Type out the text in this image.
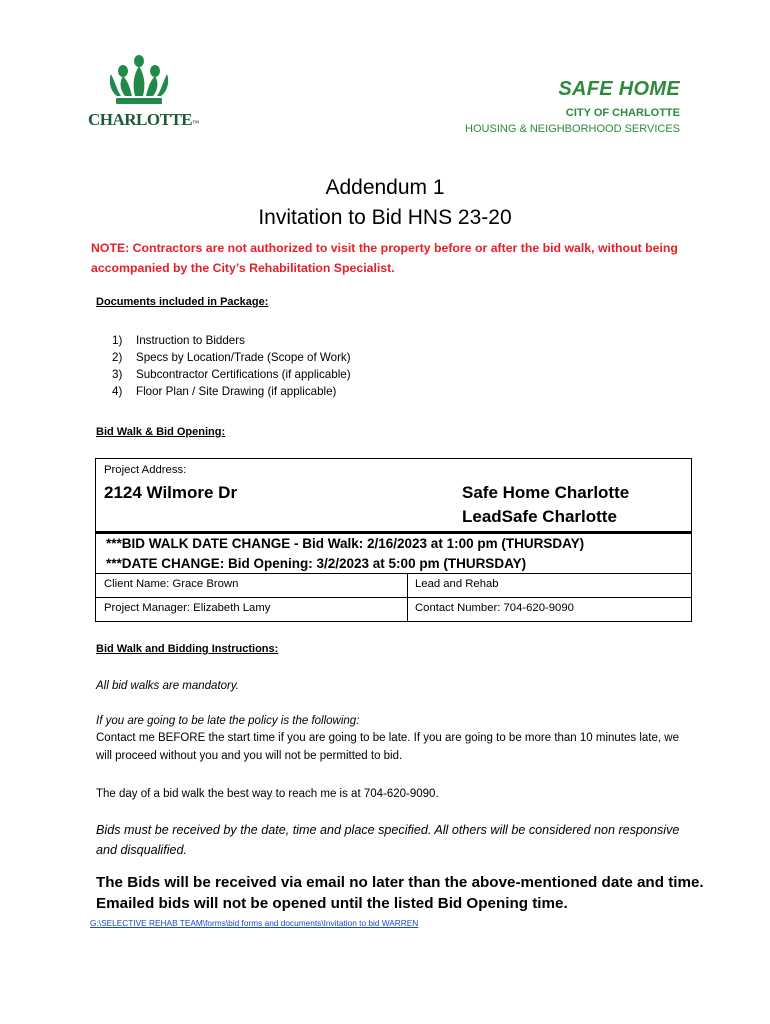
CHARLOTTE™
SAFE HOME
CITY OF CHARLOTTE
HOUSING & NEIGHBORHOOD SERVICES
Addendum 1
Invitation to Bid HNS 23-20
NOTE: Contractors are not authorized to visit the property before or after the bid walk, without being accompanied by the City’s Rehabilitation Specialist.
Documents included in Package:
1)	Instruction to Bidders
2)	Specs by Location/Trade (Scope of Work)
3)	Subcontractor Certifications (if applicable)
4)	Floor Plan / Site Drawing (if applicable)
Bid Walk & Bid Opening:
Project Address:
2124 Wilmore Dr	Safe Home Charlotte
LeadSafe Charlotte
***BID WALK DATE CHANGE - Bid Walk: 2/16/2023 at 1:00 pm (THURSDAY)
***DATE CHANGE: Bid Opening: 3/2/2023 at 5:00 pm (THURSDAY)
Client Name: Grace Brown	Lead and Rehab
Project Manager: Elizabeth Lamy	Contact Number: 704-620-9090
Bid Walk and Bidding Instructions:
All bid walks are mandatory.
If you are going to be late the policy is the following:
Contact me BEFORE the start time if you are going to be late. If you are going to be more than 10 minutes late, we will proceed without you and you will not be permitted to bid.
The day of a bid walk the best way to reach me is at 704-620-9090.
Bids must be received by the date, time and place specified. All others will be considered non responsive and disqualified.
The Bids will be received via email no later than the above-mentioned date and time. Emailed bids will not be opened until the listed Bid Opening time.
G:\SELECTIVE REHAB TEAM\forms\bid forms and documents\Invitation to bid WARREN
